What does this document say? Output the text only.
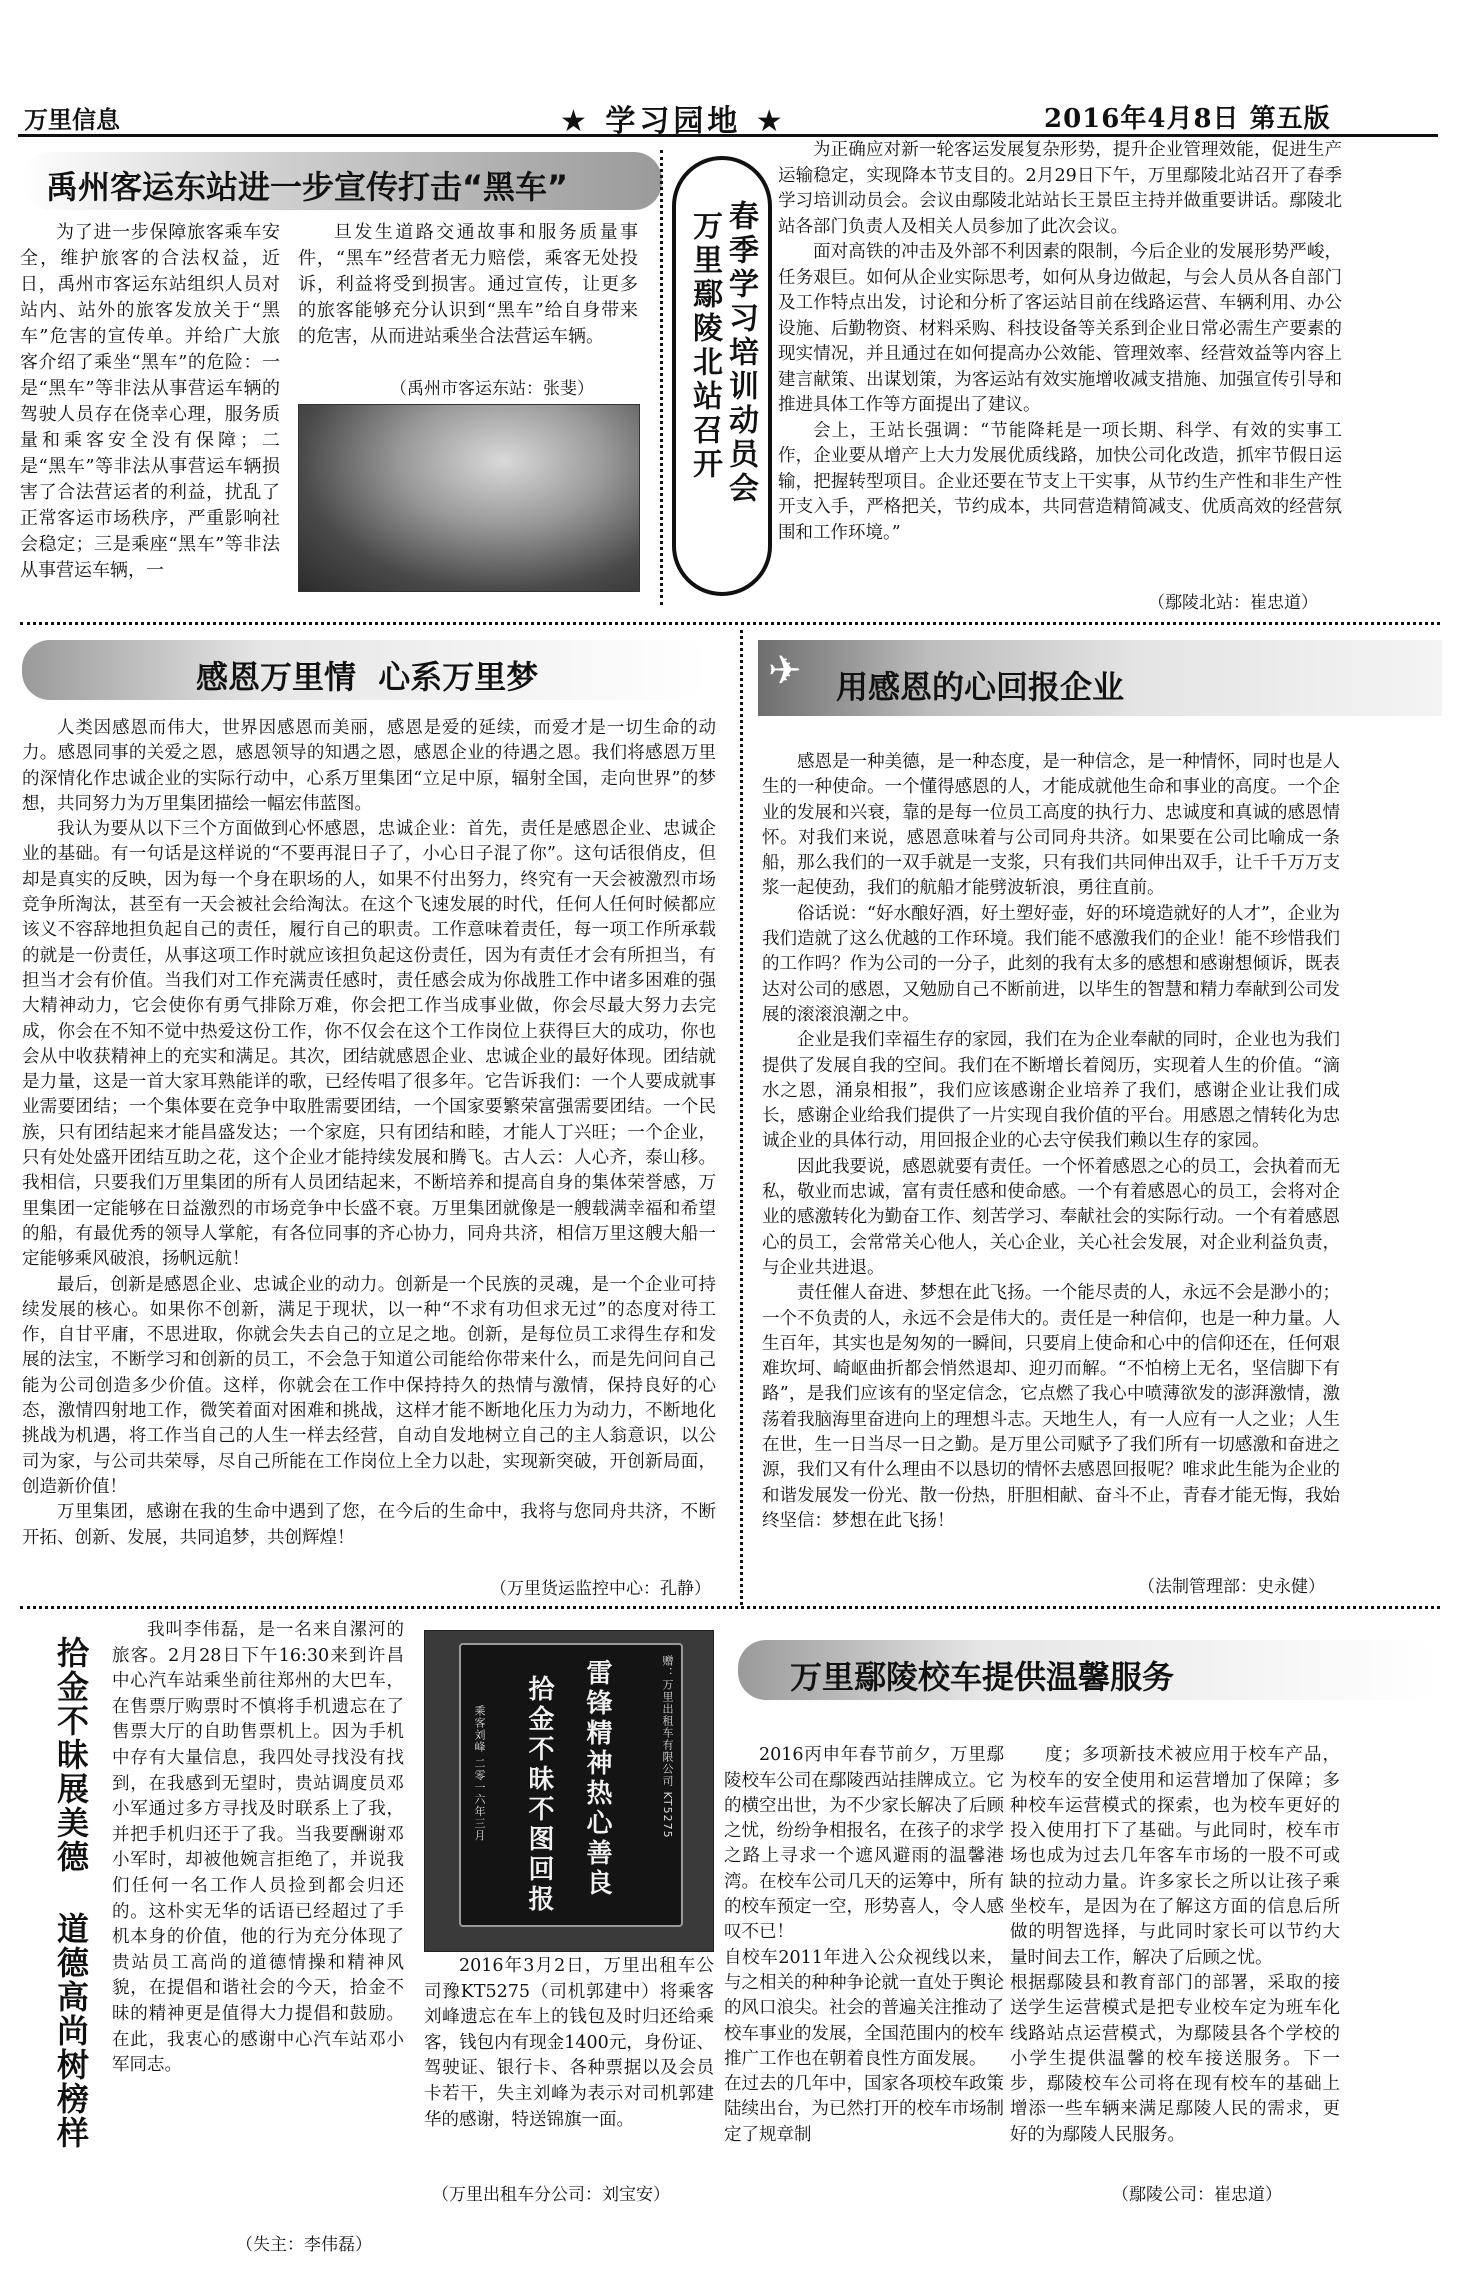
万里信息	★ 学习园地 ★	2016年4月8日 第五版
禹州客运东站进一步宣传打击“黑车”

为了进一步保障旅客乘车安全，维护旅客的合法权益，近日，禹州市客运东站组织人员对站内、站外的旅客发放关于“黑车”危害的宣传单。并给广大旅客介绍了乘坐“黑车”的危险：一是“黑车”等非法从事营运车辆的驾驶人员存在侥幸心理，服务质量和乘客安全没有保障；二是“黑车”等非法从事营运车辆损害了合法营运者的利益，扰乱了正常客运市场秩序，严重影响社会稳定；三是乘座“黑车”等非法从事营运车辆，一

旦发生道路交通故事和服务质量事件，“黑车”经营者无力赔偿，乘客无处投诉，利益将受到损害。通过宣传，让更多的旅客能够充分认识到“黑车”给自身带来的危害，从而进站乘坐合法营运车辆。

（禹州市客运东站：张斐）	春季学习培训动员会
万里鄢陵北站召开

为正确应对新一轮客运发展复杂形势，提升企业管理效能，促进生产运输稳定，实现降本节支目的。2月29日下午，万里鄢陵北站召开了春季学习培训动员会。会议由鄢陵北站站长王景臣主持并做重要讲话。鄢陵北站各部门负责人及相关人员参加了此次会议。

面对高铁的冲击及外部不利因素的限制，今后企业的发展形势严峻，任务艰巨。如何从企业实际思考，如何从身边做起，与会人员从各自部门及工作特点出发，讨论和分析了客运站目前在线路运营、车辆利用、办公设施、后勤物资、材料采购、科技设备等关系到企业日常必需生产要素的现实情况，并且通过在如何提高办公效能、管理效率、经营效益等内容上建言献策、出谋划策，为客运站有效实施增收减支措施、加强宣传引导和推进具体工作等方面提出了建议。

会上，王站长强调：“节能降耗是一项长期、科学、有效的实事工作，企业要从增产上大力发展优质线路，加快公司化改造，抓牢节假日运输，把握转型项目。企业还要在节支上干实事，从节约生产性和非生产性开支入手，严格把关，节约成本，共同营造精简减支、优质高效的经营氛围和工作环境。”

（鄢陵北站：崔忠道）
感恩万里情  心系万里梦

人类因感恩而伟大，世界因感恩而美丽，感恩是爱的延续，而爱才是一切生命的动力。感恩同事的关爱之恩，感恩领导的知遇之恩，感恩企业的待遇之恩。我们将感恩万里的深情化作忠诚企业的实际行动中，心系万里集团“立足中原，辐射全国，走向世界”的梦想，共同努力为万里集团描绘一幅宏伟蓝图。

我认为要从以下三个方面做到心怀感恩，忠诚企业：首先，责任是感恩企业、忠诚企业的基础。有一句话是这样说的“不要再混日子了，小心日子混了你”。这句话很俏皮，但却是真实的反映，因为每一个身在职场的人，如果不付出努力，终究有一天会被激烈市场竞争所淘汰，甚至有一天会被社会给淘汰。在这个飞速发展的时代，任何人任何时候都应该义不容辞地担负起自己的责任，履行自己的职责。工作意味着责任，每一项工作所承载的就是一份责任，从事这项工作时就应该担负起这份责任，因为有责任才会有所担当，有担当才会有价值。当我们对工作充满责任感时，责任感会成为你战胜工作中诸多困难的强大精神动力，它会使你有勇气排除万难，你会把工作当成事业做，你会尽最大努力去完成，你会在不知不觉中热爱这份工作，你不仅会在这个工作岗位上获得巨大的成功，你也会从中收获精神上的充实和满足。其次，团结就感恩企业、忠诚企业的最好体现。团结就是力量，这是一首大家耳熟能详的歌，已经传唱了很多年。它告诉我们：一个人要成就事业需要团结；一个集体要在竞争中取胜需要团结，一个国家要繁荣富强需要团结。一个民族，只有团结起来才能昌盛发达；一个家庭，只有团结和睦，才能人丁兴旺；一个企业，只有处处盛开团结互助之花，这个企业才能持续发展和腾飞。古人云：人心齐，泰山移。我相信，只要我们万里集团的所有人员团结起来，不断培养和提高自身的集体荣誉感，万里集团一定能够在日益激烈的市场竞争中长盛不衰。万里集团就像是一艘载满幸福和希望的船，有最优秀的领导人掌舵，有各位同事的齐心协力，同舟共济，相信万里这艘大船一定能够乘风破浪，扬帆远航！

最后，创新是感恩企业、忠诚企业的动力。创新是一个民族的灵魂，是一个企业可持续发展的核心。如果你不创新，满足于现状，以一种“不求有功但求无过”的态度对待工作，自甘平庸，不思进取，你就会失去自己的立足之地。创新，是每位员工求得生存和发展的法宝，不断学习和创新的员工，不会急于知道公司能给你带来什么，而是先问问自己能为公司创造多少价值。这样，你就会在工作中保持持久的热情与激情，保持良好的心态，激情四射地工作，微笑着面对困难和挑战，这样才能不断地化压力为动力，不断地化挑战为机遇，将工作当自己的人生一样去经营，自动自发地树立自己的主人翁意识，以公司为家，与公司共荣辱，尽自己所能在工作岗位上全力以赴，实现新突破，开创新局面，创造新价值！

万里集团，感谢在我的生命中遇到了您，在今后的生命中，我将与您同舟共济，不断开拓、创新、发展，共同追梦，共创辉煌！

（万里货运监控中心：孔静）
✈ 用感恩的心回报企业

感恩是一种美德，是一种态度，是一种信念，是一种情怀，同时也是人生的一种使命。一个懂得感恩的人，才能成就他生命和事业的高度。一个企业的发展和兴衰，靠的是每一位员工高度的执行力、忠诚度和真诚的感恩情怀。对我们来说，感恩意味着与公司同舟共济。如果要在公司比喻成一条船，那么我们的一双手就是一支浆，只有我们共同伸出双手，让千千万万支浆一起使劲，我们的航船才能劈波斩浪，勇往直前。

俗话说：“好水酿好酒，好土塑好壶，好的环境造就好的人才”，企业为我们造就了这么优越的工作环境。我们能不感激我们的企业！能不珍惜我们的工作吗？作为公司的一分子，此刻的我有太多的感想和感谢想倾诉，既表达对公司的感恩，又勉励自己不断前进，以毕生的智慧和精力奉献到公司发展的滚滚浪潮之中。

企业是我们幸福生存的家园，我们在为企业奉献的同时，企业也为我们提供了发展自我的空间。我们在不断增长着阅历，实现着人生的价值。“滴水之恩，涌泉相报”，我们应该感谢企业培养了我们，感谢企业让我们成长，感谢企业给我们提供了一片实现自我价值的平台。用感恩之情转化为忠诚企业的具体行动，用回报企业的心去守侯我们赖以生存的家园。

因此我要说，感恩就要有责任。一个怀着感恩之心的员工，会执着而无私，敬业而忠诚，富有责任感和使命感。一个有着感恩心的员工，会将对企业的感激转化为勤奋工作、刻苦学习、奉献社会的实际行动。一个有着感恩心的员工，会常常关心他人，关心企业，关心社会发展，对企业利益负责，与企业共进退。

责任催人奋进、梦想在此飞扬。一个能尽责的人，永远不会是渺小的；一个不负责的人，永远不会是伟大的。责任是一种信仰，也是一种力量。人生百年，其实也是匆匆的一瞬间，只要肩上使命和心中的信仰还在，任何艰难坎坷、崎岖曲折都会悄然退却、迎刃而解。“不怕榜上无名，坚信脚下有路”，是我们应该有的坚定信念，它点燃了我心中喷薄欲发的澎湃激情，激荡着我脑海里奋进向上的理想斗志。天地生人，有一人应有一人之业；人生在世，生一日当尽一日之勤。是万里公司赋予了我们所有一切感激和奋进之源，我们又有什么理由不以恳切的情怀去感恩回报呢？唯求此生能为企业的和谐发展发一份光、散一份热，肝胆相献、奋斗不止，青春才能无悔，我始终坚信：梦想在此飞扬！

（法制管理部：史永健）
拾金不昧展美德
道德高尚树榜样

我叫李伟磊，是一名来自漯河的旅客。2月28日下午16:30来到许昌中心汽车站乘坐前往郑州的大巴车，在售票厅购票时不慎将手机遗忘在了售票大厅的自助售票机上。因为手机中存有大量信息，我四处寻找没有找到，在我感到无望时，贵站调度员邓小军通过多方寻找及时联系上了我，并把手机归还于了我。当我要酬谢邓小军时，却被他婉言拒绝了，并说我们任何一名工作人员捡到都会归还的。这朴实无华的话语已经超过了手机本身的价值，他的行为充分体现了贵站员工高尚的道德情操和精神风貌，在提倡和谐社会的今天，拾金不昧的精神更是值得大力提倡和鼓励。在此，我衷心的感谢中心汽车站邓小军同志。

（失主：李伟磊）
赠：万里出租车有限公司 KT5275
雷锋精神热心善良
拾金不昧不图回报
乘客刘峰 二零一六年三月

2016年3月2日，万里出租车公司豫KT5275（司机郭建中）将乘客刘峰遗忘在车上的钱包及时归还给乘客，钱包内有现金1400元，身份证、驾驶证、银行卡、各种票据以及会员卡若干，失主刘峰为表示对司机郭建华的感谢，特送锦旗一面。

（万里出租车分公司：刘宝安）
万里鄢陵校车提供温馨服务

2016丙申年春节前夕，万里鄢陵校车公司在鄢陵西站挂牌成立。它的横空出世，为不少家长解决了后顾之忧，纷纷争相报名，在孩子的求学之路上寻求一个遮风避雨的温馨港湾。在校车公司几天的运筹中，所有的校车预定一空，形势喜人，令人感叹不已！
自校车2011年进入公众视线以来，与之相关的种种争论就一直处于舆论的风口浪尖。社会的普遍关注推动了校车事业的发展，全国范围内的校车推广工作也在朝着良性方面发展。
在过去的几年中，国家各项校车政策陆续出台，为已然打开的校车市场制定了规章制

度；多项新技术被应用于校车产品，为校车的安全使用和运营增加了保障；多种校车运营模式的探索，也为校车更好的投入使用打下了基础。与此同时，校车市场也成为过去几年客车市场的一股不可或缺的拉动力量。许多家长之所以让孩子乘坐校车，是因为在了解这方面的信息后所做的明智选择，与此同时家长可以节约大量时间去工作，解决了后顾之忧。
根据鄢陵县和教育部门的部署，采取的接送学生运营模式是把专业校车定为班车化线路站点运营模式，为鄢陵县各个学校的小学生提供温馨的校车接送服务。下一步，鄢陵校车公司将在现有校车的基础上增添一些车辆来满足鄢陵人民的需求，更好的为鄢陵人民服务。

（鄢陵公司：崔忠道）
